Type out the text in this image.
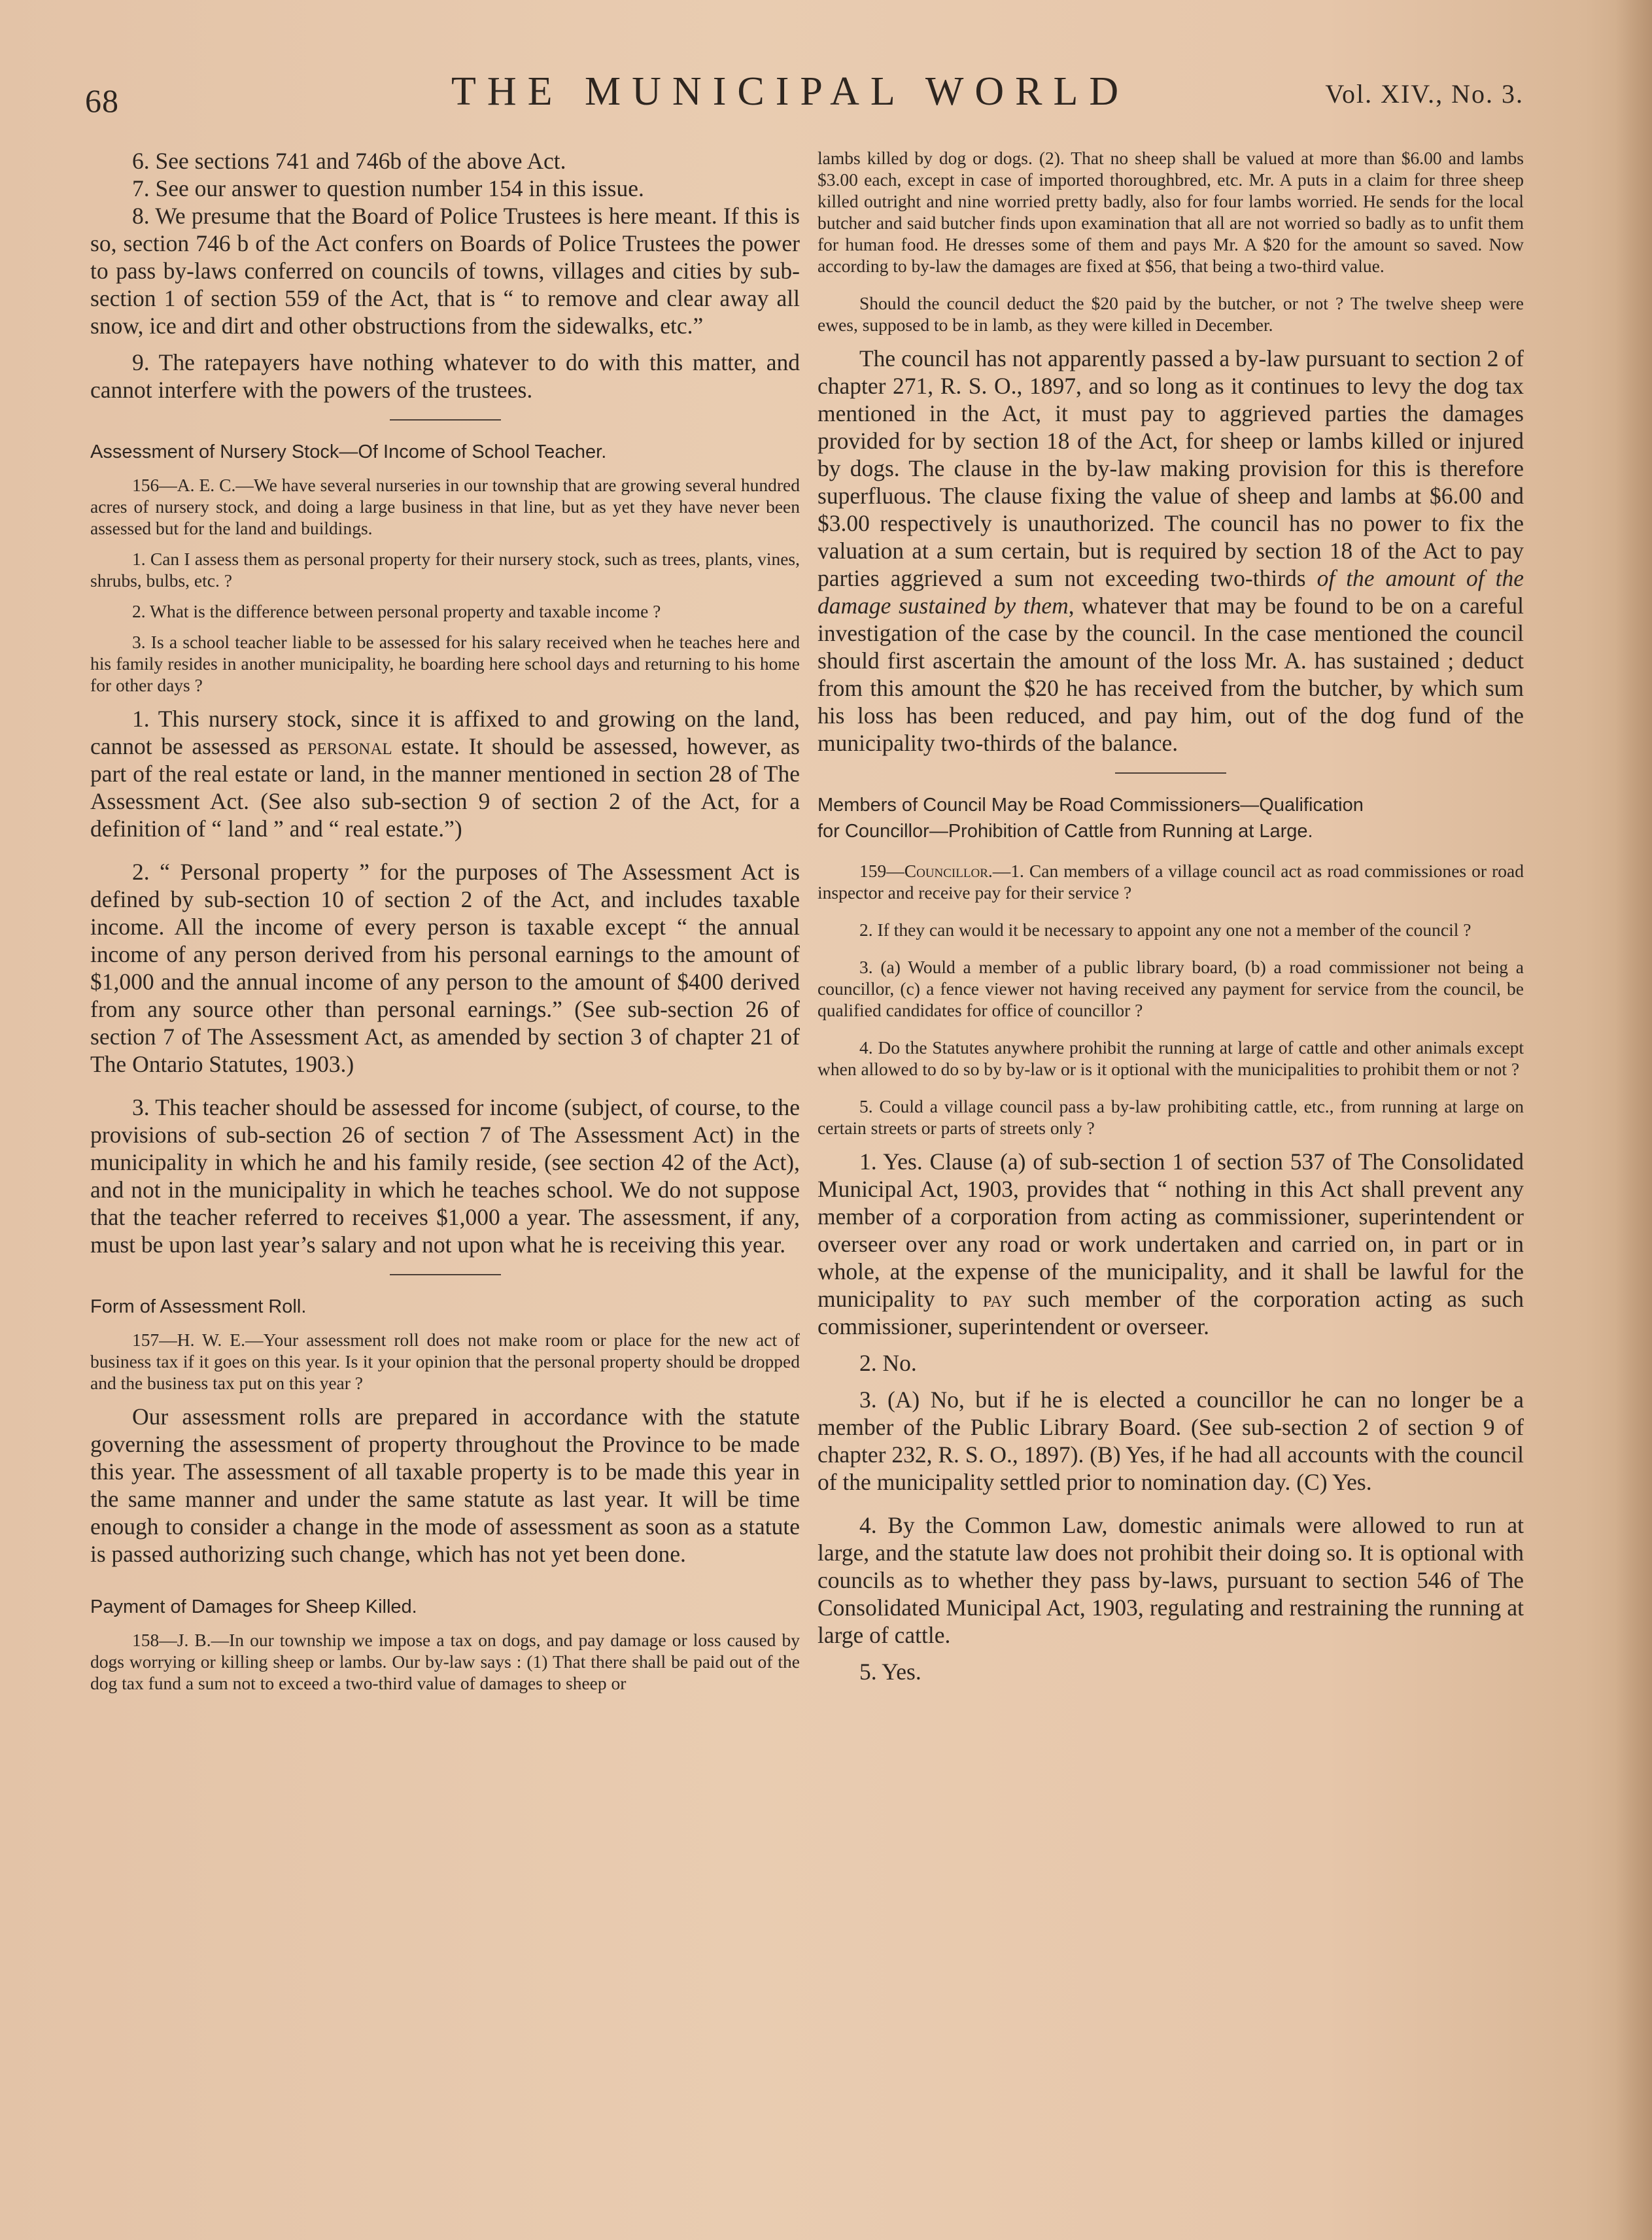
68	THE MUNICIPAL WORLD	Vol. XIV., No. 3.

6. See sections 741 and 746b of the above Act.

7. See our answer to question number 154 in this issue.

8. We presume that the Board of Police Trustees is here meant. If this is so, section 746 b of the Act confers on Boards of Police Trustees the power to pass by-laws conferred on councils of towns, villages and cities by sub-section 1 of section 559 of the Act, that is “ to remove and clear away all snow, ice and dirt and other obstructions from the sidewalks, etc.”

9. The ratepayers have nothing whatever to do with this matter, and cannot interfere with the powers of the trustees.

Assessment of Nursery Stock—Of Income of School Teacher.

156—A. E. C.—We have several nurseries in our township that are growing several hundred acres of nursery stock, and doing a large business in that line, but as yet they have never been assessed but for the land and buildings.

1. Can I assess them as personal property for their nursery stock, such as trees, plants, vines, shrubs, bulbs, etc. ?

2. What is the difference between personal property and taxable income ?

3. Is a school teacher liable to be assessed for his salary received when he teaches here and his family resides in another municipality, he boarding here school days and returning to his home for other days ?

1. This nursery stock, since it is affixed to and growing on the land, cannot be assessed as personal estate. It should be assessed, however, as part of the real estate or land, in the manner mentioned in section 28 of The Assessment Act. (See also sub-section 9 of section 2 of the Act, for a definition of “ land ” and “ real estate.”)

2. “ Personal property ” for the purposes of The Assessment Act is defined by sub-section 10 of section 2 of the Act, and includes taxable income. All the income of every person is taxable except “ the annual income of any person derived from his personal earnings to the amount of $1,000 and the annual income of any person to the amount of $400 derived from any source other than personal earnings.” (See sub-section 26 of section 7 of The Assessment Act, as amended by section 3 of chapter 21 of The Ontario Statutes, 1903.)

3. This teacher should be assessed for income (subject, of course, to the provisions of sub-section 26 of section 7 of The Assessment Act) in the municipality in which he and his family reside, (see section 42 of the Act), and not in the municipality in which he teaches school. We do not suppose that the teacher referred to receives $1,000 a year. The assessment, if any, must be upon last year’s salary and not upon what he is receiving this year.

Form of Assessment Roll.

157—H. W. E.—Your assessment roll does not make room or place for the new act of business tax if it goes on this year. Is it your opinion that the personal property should be dropped and the business tax put on this year ?

Our assessment rolls are prepared in accordance with the statute governing the assessment of property throughout the Province to be made this year. The assessment of all taxable property is to be made this year in the same manner and under the same statute as last year. It will be time enough to consider a change in the mode of assessment as soon as a statute is passed authorizing such change, which has not yet been done.

Payment of Damages for Sheep Killed.

158—J. B.—In our township we impose a tax on dogs, and pay damage or loss caused by dogs worrying or killing sheep or lambs. Our by-law says : (1) That there shall be paid out of the dog tax fund a sum not to exceed a two-third value of damages to sheep or

lambs killed by dog or dogs. (2). That no sheep shall be valued at more than $6.00 and lambs $3.00 each, except in case of imported thoroughbred, etc. Mr. A puts in a claim for three sheep killed outright and nine worried pretty badly, also for four lambs worried. He sends for the local butcher and said butcher finds upon examination that all are not worried so badly as to unfit them for human food. He dresses some of them and pays Mr. A $20 for the amount so saved. Now according to by-law the damages are fixed at $56, that being a two-third value.

Should the council deduct the $20 paid by the butcher, or not ? The twelve sheep were ewes, supposed to be in lamb, as they were killed in December.

The council has not apparently passed a by-law pursuant to section 2 of chapter 271, R. S. O., 1897, and so long as it continues to levy the dog tax mentioned in the Act, it must pay to aggrieved parties the damages provided for by section 18 of the Act, for sheep or lambs killed or injured by dogs. The clause in the by-law making provision for this is therefore superfluous. The clause fixing the value of sheep and lambs at $6.00 and $3.00 respectively is unauthorized. The council has no power to fix the valuation at a sum certain, but is required by section 18 of the Act to pay parties aggrieved a sum not exceeding two-thirds of the amount of the damage sustained by them, whatever that may be found to be on a careful investigation of the case by the council. In the case mentioned the council should first ascertain the amount of the loss Mr. A. has sustained ; deduct from this amount the $20 he has received from the butcher, by which sum his loss has been reduced, and pay him, out of the dog fund of the municipality two-thirds of the balance.

Members of Council May be Road Commissioners—Qualification

for Councillor—Prohibition of Cattle from Running at Large.

159—Councillor.—1. Can members of a village council act as road commissiones or road inspector and receive pay for their service ?

2. If they can would it be necessary to appoint any one not a member of the council ?

3. (a) Would a member of a public library board, (b) a road commissioner not being a councillor, (c) a fence viewer not having received any payment for service from the council, be qualified candidates for office of councillor ?

4. Do the Statutes anywhere prohibit the running at large of cattle and other animals except when allowed to do so by by-law or is it optional with the municipalities to prohibit them or not ?

5. Could a village council pass a by-law prohibiting cattle, etc., from running at large on certain streets or parts of streets only ?

1. Yes. Clause (a) of sub-section 1 of section 537 of The Consolidated Municipal Act, 1903, provides that “ nothing in this Act shall prevent any member of a corporation from acting as commissioner, superintendent or overseer over any road or work undertaken and carried on, in part or in whole, at the expense of the municipality, and it shall be lawful for the municipality to pay such member of the corporation acting as such commissioner, superintendent or overseer.

2. No.

3. (A) No, but if he is elected a councillor he can no longer be a member of the Public Library Board. (See sub-section 2 of section 9 of chapter 232, R. S. O., 1897). (B) Yes, if he had all accounts with the council of the municipality settled prior to nomination day. (C) Yes.

4. By the Common Law, domestic animals were allowed to run at large, and the statute law does not prohibit their doing so. It is optional with councils as to whether they pass by-laws, pursuant to section 546 of The Consolidated Municipal Act, 1903, regulating and restraining the running at large of cattle.

5. Yes.
